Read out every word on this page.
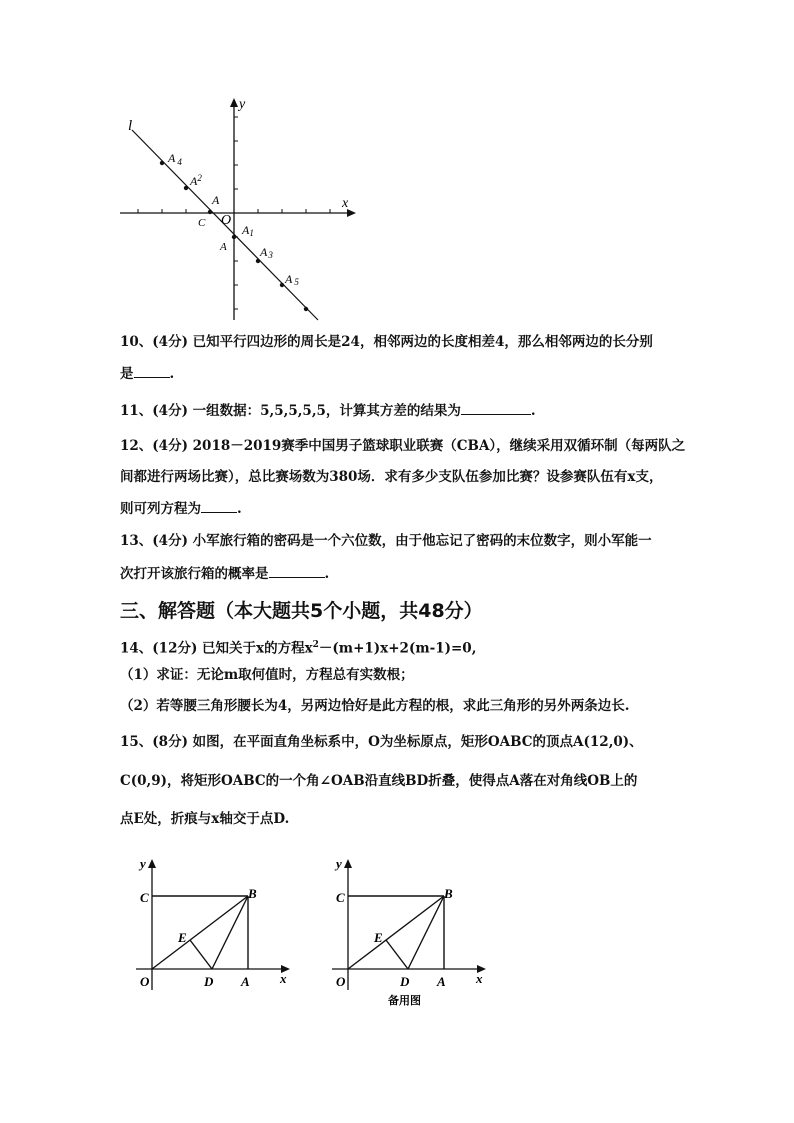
l
y
x
O
C
A
A
A $_4$
$A^2$
A1
A3
A 5
10、(4分) 已知平行四边形的周长是24，相邻两边的长度相差4，那么相邻两边的长分别
是	.
11、(4分) 一组数据：5,5,5,5,5，计算其方差的结果为	.
12、(4分) 2018－2019赛季中国男子篮球职业联赛（CBA），继续采用双循环制（每两队之
间都进行两场比赛），总比赛场数为380场．求有多少支队伍参加比赛？设参赛队伍有x支，
则可列方程为	.
13、(4分) 小军旅行箱的密码是一个六位数，由于他忘记了密码的末位数字，则小军能一
次打开该旅行箱的概率是	.
三、解答题（本大题共5个小题，共48分）
14、(12分) 已知关于x的方程$x^2-(m+1)x+2(m-1)=0$,
（1）求证：无论m取何值时，方程总有实数根；
（2）若等腰三角形腰长为4，另两边恰好是此方程的根，求此三角形的另外两条边长.
15、(8分) 如图，在平面直角坐标系中，O为坐标原点，矩形OABC的顶点A(12,0)、
C(0,9)，将矩形OABC的一个角∠OAB沿直线BD折叠，使得点A落在对角线OB上的
点E处，折痕与x轴交于点D.
y
x
C	B
E
O	D A
y
x
C	B
E
O	D A
备用图
